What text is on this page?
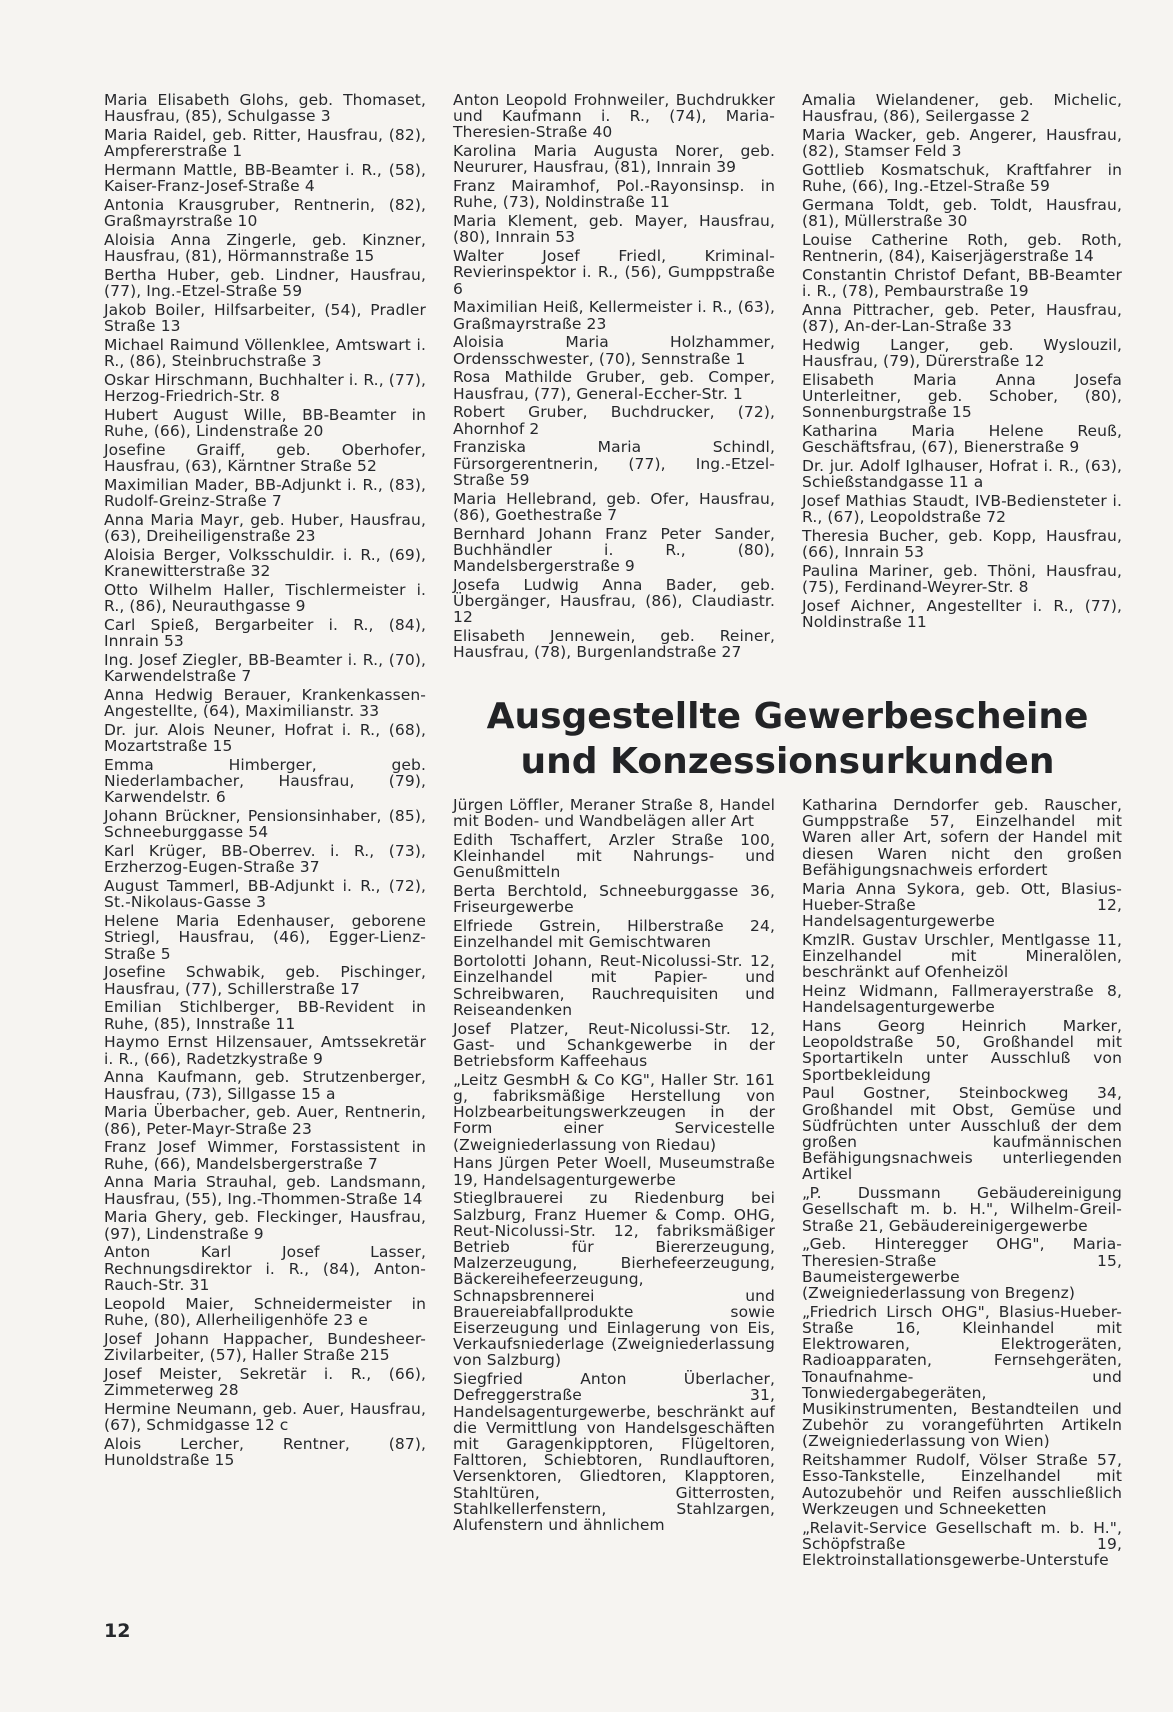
Maria Elisabeth Glohs, geb. Thomaset, Hausfrau, (85), Schulgasse 3
Maria Raidel, geb. Ritter, Hausfrau, (82), Ampfererstraße 1
Hermann Mattle, BB-Beamter i. R., (58), Kaiser-Franz-Josef-Straße 4
Antonia Krausgruber, Rentnerin, (82), Graßmayrstraße 10
Aloisia Anna Zingerle, geb. Kinzner, Hausfrau, (81), Hörmannstraße 15
Bertha Huber, geb. Lindner, Hausfrau, (77), Ing.-Etzel-Straße 59
Jakob Boiler, Hilfsarbeiter, (54), Pradler Straße 13
Michael Raimund Völlenklee, Amtswart i. R., (86), Steinbruchstraße 3
Oskar Hirschmann, Buchhalter i. R., (77), Herzog-Friedrich-Str. 8
Hubert August Wille, BB-Beamter in Ruhe, (66), Lindenstraße 20
Josefine Graiff, geb. Oberhofer, Hausfrau, (63), Kärntner Straße 52
Maximilian Mader, BB-Adjunkt i. R., (83), Rudolf-Greinz-Straße 7
Anna Maria Mayr, geb. Huber, Hausfrau, (63), Dreiheiligenstraße 23
Aloisia Berger, Volksschuldir. i. R., (69), Kranewitterstraße 32
Otto Wilhelm Haller, Tischlermeister i. R., (86), Neurauthgasse 9
Carl Spieß, Bergarbeiter i. R., (84), Innrain 53
Ing. Josef Ziegler, BB-Beamter i. R., (70), Karwendelstraße 7
Anna Hedwig Berauer, Krankenkassen-Angestellte, (64), Maximilianstr. 33
Dr. jur. Alois Neuner, Hofrat i. R., (68), Mozartstraße 15
Emma Himberger, geb. Niederlambacher, Hausfrau, (79), Karwendelstr. 6
Johann Brückner, Pensionsinhaber, (85), Schneeburggasse 54
Karl Krüger, BB-Oberrev. i. R., (73), Erzherzog-Eugen-Straße 37
August Tammerl, BB-Adjunkt i. R., (72), St.-Nikolaus-Gasse 3
Helene Maria Edenhauser, geborene Striegl, Hausfrau, (46), Egger-Lienz-Straße 5
Josefine Schwabik, geb. Pischinger, Hausfrau, (77), Schillerstraße 17
Emilian Stichlberger, BB-Revident in Ruhe, (85), Innstraße 11
Haymo Ernst Hilzensauer, Amtssekretär i. R., (66), Radetzkystraße 9
Anna Kaufmann, geb. Strutzenberger, Hausfrau, (73), Sillgasse 15 a
Maria Überbacher, geb. Auer, Rentnerin, (86), Peter-Mayr-Straße 23
Franz Josef Wimmer, Forstassistent in Ruhe, (66), Mandelsbergerstraße 7
Anna Maria Strauhal, geb. Landsmann, Hausfrau, (55), Ing.-Thommen-Straße 14
Maria Ghery, geb. Fleckinger, Hausfrau, (97), Lindenstraße 9
Anton Karl Josef Lasser, Rechnungsdirektor i. R., (84), Anton-Rauch-Str. 31
Leopold Maier, Schneidermeister in Ruhe, (80), Allerheiligenhöfe 23 e
Josef Johann Happacher, Bundesheer-Zivilarbeiter, (57), Haller Straße 215
Josef Meister, Sekretär i. R., (66), Zimmeterweg 28
Hermine Neumann, geb. Auer, Hausfrau, (67), Schmidgasse 12 c
Alois Lercher, Rentner, (87), Hunoldstraße 15
Anton Leopold Frohnweiler, Buchdrukker und Kaufmann i. R., (74), Maria-Theresien-Straße 40
Karolina Maria Augusta Norer, geb. Neururer, Hausfrau, (81), Innrain 39
Franz Mairamhof, Pol.-Rayonsinsp. in Ruhe, (73), Noldinstraße 11
Maria Klement, geb. Mayer, Hausfrau, (80), Innrain 53
Walter Josef Friedl, Kriminal-Revierinspektor i. R., (56), Gumppstraße 6
Maximilian Heiß, Kellermeister i. R., (63), Graßmayrstraße 23
Aloisia Maria Holzhammer, Ordensschwester, (70), Sennstraße 1
Rosa Mathilde Gruber, geb. Comper, Hausfrau, (77), General-Eccher-Str. 1
Robert Gruber, Buchdrucker, (72), Ahornhof 2
Franziska Maria Schindl, Fürsorgerentnerin, (77), Ing.-Etzel-Straße 59
Maria Hellebrand, geb. Ofer, Hausfrau, (86), Goethestraße 7
Bernhard Johann Franz Peter Sander, Buchhändler i. R., (80), Mandelsbergerstraße 9
Josefa Ludwig Anna Bader, geb. Übergänger, Hausfrau, (86), Claudiastr. 12
Elisabeth Jennewein, geb. Reiner, Hausfrau, (78), Burgenlandstraße 27
Amalia Wielandener, geb. Michelic, Hausfrau, (86), Seilergasse 2
Maria Wacker, geb. Angerer, Hausfrau, (82), Stamser Feld 3
Gottlieb Kosmatschuk, Kraftfahrer in Ruhe, (66), Ing.-Etzel-Straße 59
Germana Toldt, geb. Toldt, Hausfrau, (81), Müllerstraße 30
Louise Catherine Roth, geb. Roth, Rentnerin, (84), Kaiserjägerstraße 14
Constantin Christof Defant, BB-Beamter i. R., (78), Pembaurstraße 19
Anna Pittracher, geb. Peter, Hausfrau, (87), An-der-Lan-Straße 33
Hedwig Langer, geb. Wyslouzil, Hausfrau, (79), Dürerstraße 12
Elisabeth Maria Anna Josefa Unterleitner, geb. Schober, (80), Sonnenburgstraße 15
Katharina Maria Helene Reuß, Geschäftsfrau, (67), Bienerstraße 9
Dr. jur. Adolf Iglhauser, Hofrat i. R., (63), Schießstandgasse 11 a
Josef Mathias Staudt, IVB-Bediensteter i. R., (67), Leopoldstraße 72
Theresia Bucher, geb. Kopp, Hausfrau, (66), Innrain 53
Paulina Mariner, geb. Thöni, Hausfrau, (75), Ferdinand-Weyrer-Str. 8
Josef Aichner, Angestellter i. R., (77), Noldinstraße 11
Ausgestellte Gewerbescheine
und Konzessionsurkunden
Jürgen Löffler, Meraner Straße 8, Handel mit Boden- und Wandbelägen aller Art
Edith Tschaffert, Arzler Straße 100, Kleinhandel mit Nahrungs- und Genußmitteln
Berta Berchtold, Schneeburggasse 36, Friseurgewerbe
Elfriede Gstrein, Hilberstraße 24, Einzelhandel mit Gemischtwaren
Bortolotti Johann, Reut-Nicolussi-Str. 12, Einzelhandel mit Papier- und Schreibwaren, Rauchrequisiten und Reiseandenken
Josef Platzer, Reut-Nicolussi-Str. 12, Gast- und Schankgewerbe in der Betriebsform Kaffeehaus
„Leitz GesmbH & Co KG", Haller Str. 161 g, fabriksmäßige Herstellung von Holzbearbeitungswerkzeugen in der Form einer Servicestelle (Zweigniederlassung von Riedau)
Hans Jürgen Peter Woell, Museumstraße 19, Handelsagenturgewerbe
Stieglbrauerei zu Riedenburg bei Salzburg, Franz Huemer & Comp. OHG, Reut-Nicolussi-Str. 12, fabriksmäßiger Betrieb für Biererzeugung, Malzerzeugung, Bierhefeerzeugung, Bäckereihefeerzeugung, Schnapsbrennerei und Brauereiabfallprodukte sowie Eiserzeugung und Einlagerung von Eis, Verkaufsniederlage (Zweigniederlassung von Salzburg)
Siegfried Anton Überlacher, Defreggerstraße 31, Handelsagenturgewerbe, beschränkt auf die Vermittlung von Handelsgeschäften mit Garagenkipptoren, Flügeltoren, Falttoren, Schiebtoren, Rundlauftoren, Versenktoren, Gliedtoren, Klapptoren, Stahltüren, Gitterrosten, Stahlkellerfenstern, Stahlzargen, Alufenstern und ähnlichem
Katharina Derndorfer geb. Rauscher, Gumppstraße 57, Einzelhandel mit Waren aller Art, sofern der Handel mit diesen Waren nicht den großen Befähigungsnachweis erfordert
Maria Anna Sykora, geb. Ott, Blasius-Hueber-Straße 12, Handelsagenturgewerbe
KmzlR. Gustav Urschler, Mentlgasse 11, Einzelhandel mit Mineralölen, beschränkt auf Ofenheizöl
Heinz Widmann, Fallmerayerstraße 8, Handelsagenturgewerbe
Hans Georg Heinrich Marker, Leopoldstraße 50, Großhandel mit Sportartikeln unter Ausschluß von Sportbekleidung
Paul Gostner, Steinbockweg 34, Großhandel mit Obst, Gemüse und Südfrüchten unter Ausschluß der dem großen kaufmännischen Befähigungsnachweis unterliegenden Artikel
„P. Dussmann Gebäudereinigung Gesellschaft m. b. H.", Wilhelm-Greil-Straße 21, Gebäudereinigergewerbe
„Geb. Hinteregger OHG", Maria-Theresien-Straße 15, Baumeistergewerbe (Zweigniederlassung von Bregenz)
„Friedrich Lirsch OHG", Blasius-Hueber-Straße 16, Kleinhandel mit Elektrowaren, Elektrogeräten, Radioapparaten, Fernsehgeräten, Tonaufnahme- und Tonwiedergabegeräten, Musikinstrumenten, Bestandteilen und Zubehör zu vorangeführten Artikeln (Zweigniederlassung von Wien)
Reitshammer Rudolf, Völser Straße 57, Esso-Tankstelle, Einzelhandel mit Autozubehör und Reifen ausschließlich Werkzeugen und Schneeketten
„Relavit-Service Gesellschaft m. b. H.", Schöpfstraße 19, Elektroinstallationsgewerbe-Unterstufe
12
